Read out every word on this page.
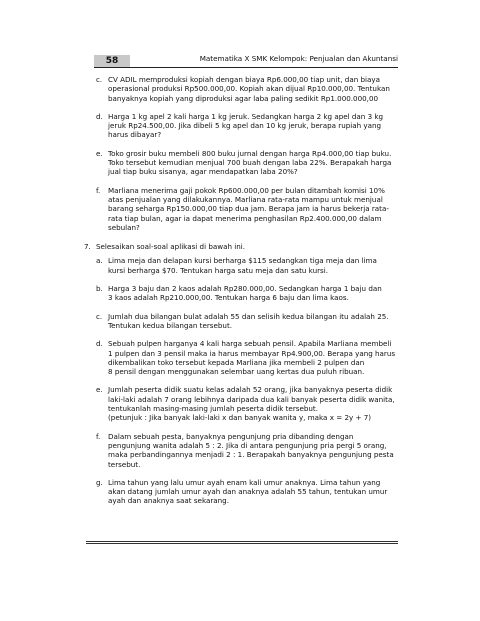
58	Matematika X SMK Kelompok: Penjualan dan Akuntansi
c. CV ADIL memproduksi kopiah dengan biaya Rp6.000,00 tiap unit, dan biaya
operasional produksi Rp500.000,00. Kopiah akan dijual Rp10.000,00. Tentukan
banyaknya kopiah yang diproduksi agar laba paling sedikit Rp1.000.000,00
d. Harga 1 kg apel 2 kali harga 1 kg jeruk. Sedangkan harga 2 kg apel dan 3 kg
jeruk Rp24.500,00. Jika dibeli 5 kg apel dan 10 kg jeruk, berapa rupiah yang
harus dibayar?
e. Toko grosir buku membeli 800 buku jurnal dengan harga Rp4.000,00 tiap buku.
Toko tersebut kemudian menjual 700 buah dengan laba 22%. Berapakah harga
jual tiap buku sisanya, agar mendapatkan laba 20%?
f. Marliana menerima gaji pokok Rp600.000,00 per bulan ditambah komisi 10%
atas penjualan yang dilakukannya. Marliana rata-rata mampu untuk menjual
barang seharga Rp150.000,00 tiap dua jam. Berapa jam ia harus bekerja rata-
rata tiap bulan, agar ia dapat menerima penghasilan Rp2.400.000,00 dalam
sebulan?
7. Selesaikan soal-soal aplikasi di bawah ini.
a. Lima meja dan delapan kursi berharga $115 sedangkan tiga meja dan lima
kursi berharga $70. Tentukan harga satu meja dan satu kursi.
b. Harga 3 baju dan 2 kaos adalah Rp280.000,00. Sedangkan harga 1 baju dan
3 kaos adalah Rp210.000,00. Tentukan harga 6 baju dan lima kaos.
c. Jumlah dua bilangan bulat adalah 55 dan selisih kedua bilangan itu adalah 25.
Tentukan kedua bilangan tersebut.
d. Sebuah pulpen harganya 4 kali harga sebuah pensil. Apabila Marliana membeli
1 pulpen dan 3 pensil maka ia harus membayar Rp4.900,00. Berapa yang harus
dikembalikan toko tersebut kepada Marliana jika membeli 2 pulpen dan
8 pensil dengan menggunakan selembar uang kertas dua puluh ribuan.
e. Jumlah peserta didik suatu kelas adalah 52 orang, jika banyaknya peserta didik
laki-laki adalah 7 orang lebihnya daripada dua kali banyak peserta didik wanita,
tentukanlah masing-masing jumlah peserta didik tersebut.
(petunjuk : Jika banyak laki-laki x dan banyak wanita y, maka x = 2y + 7)
f. Dalam sebuah pesta, banyaknya pengunjung pria dibanding dengan
pengunjung wanita adalah 5 : 2. Jika di antara pengunjung pria pergi 5 orang,
maka perbandingannya menjadi 2 : 1. Berapakah banyaknya pengunjung pesta
tersebut.
g. Lima tahun yang lalu umur ayah enam kali umur anaknya. Lima tahun yang
akan datang jumlah umur ayah dan anaknya adalah 55 tahun, tentukan umur
ayah dan anaknya saat sekarang.
